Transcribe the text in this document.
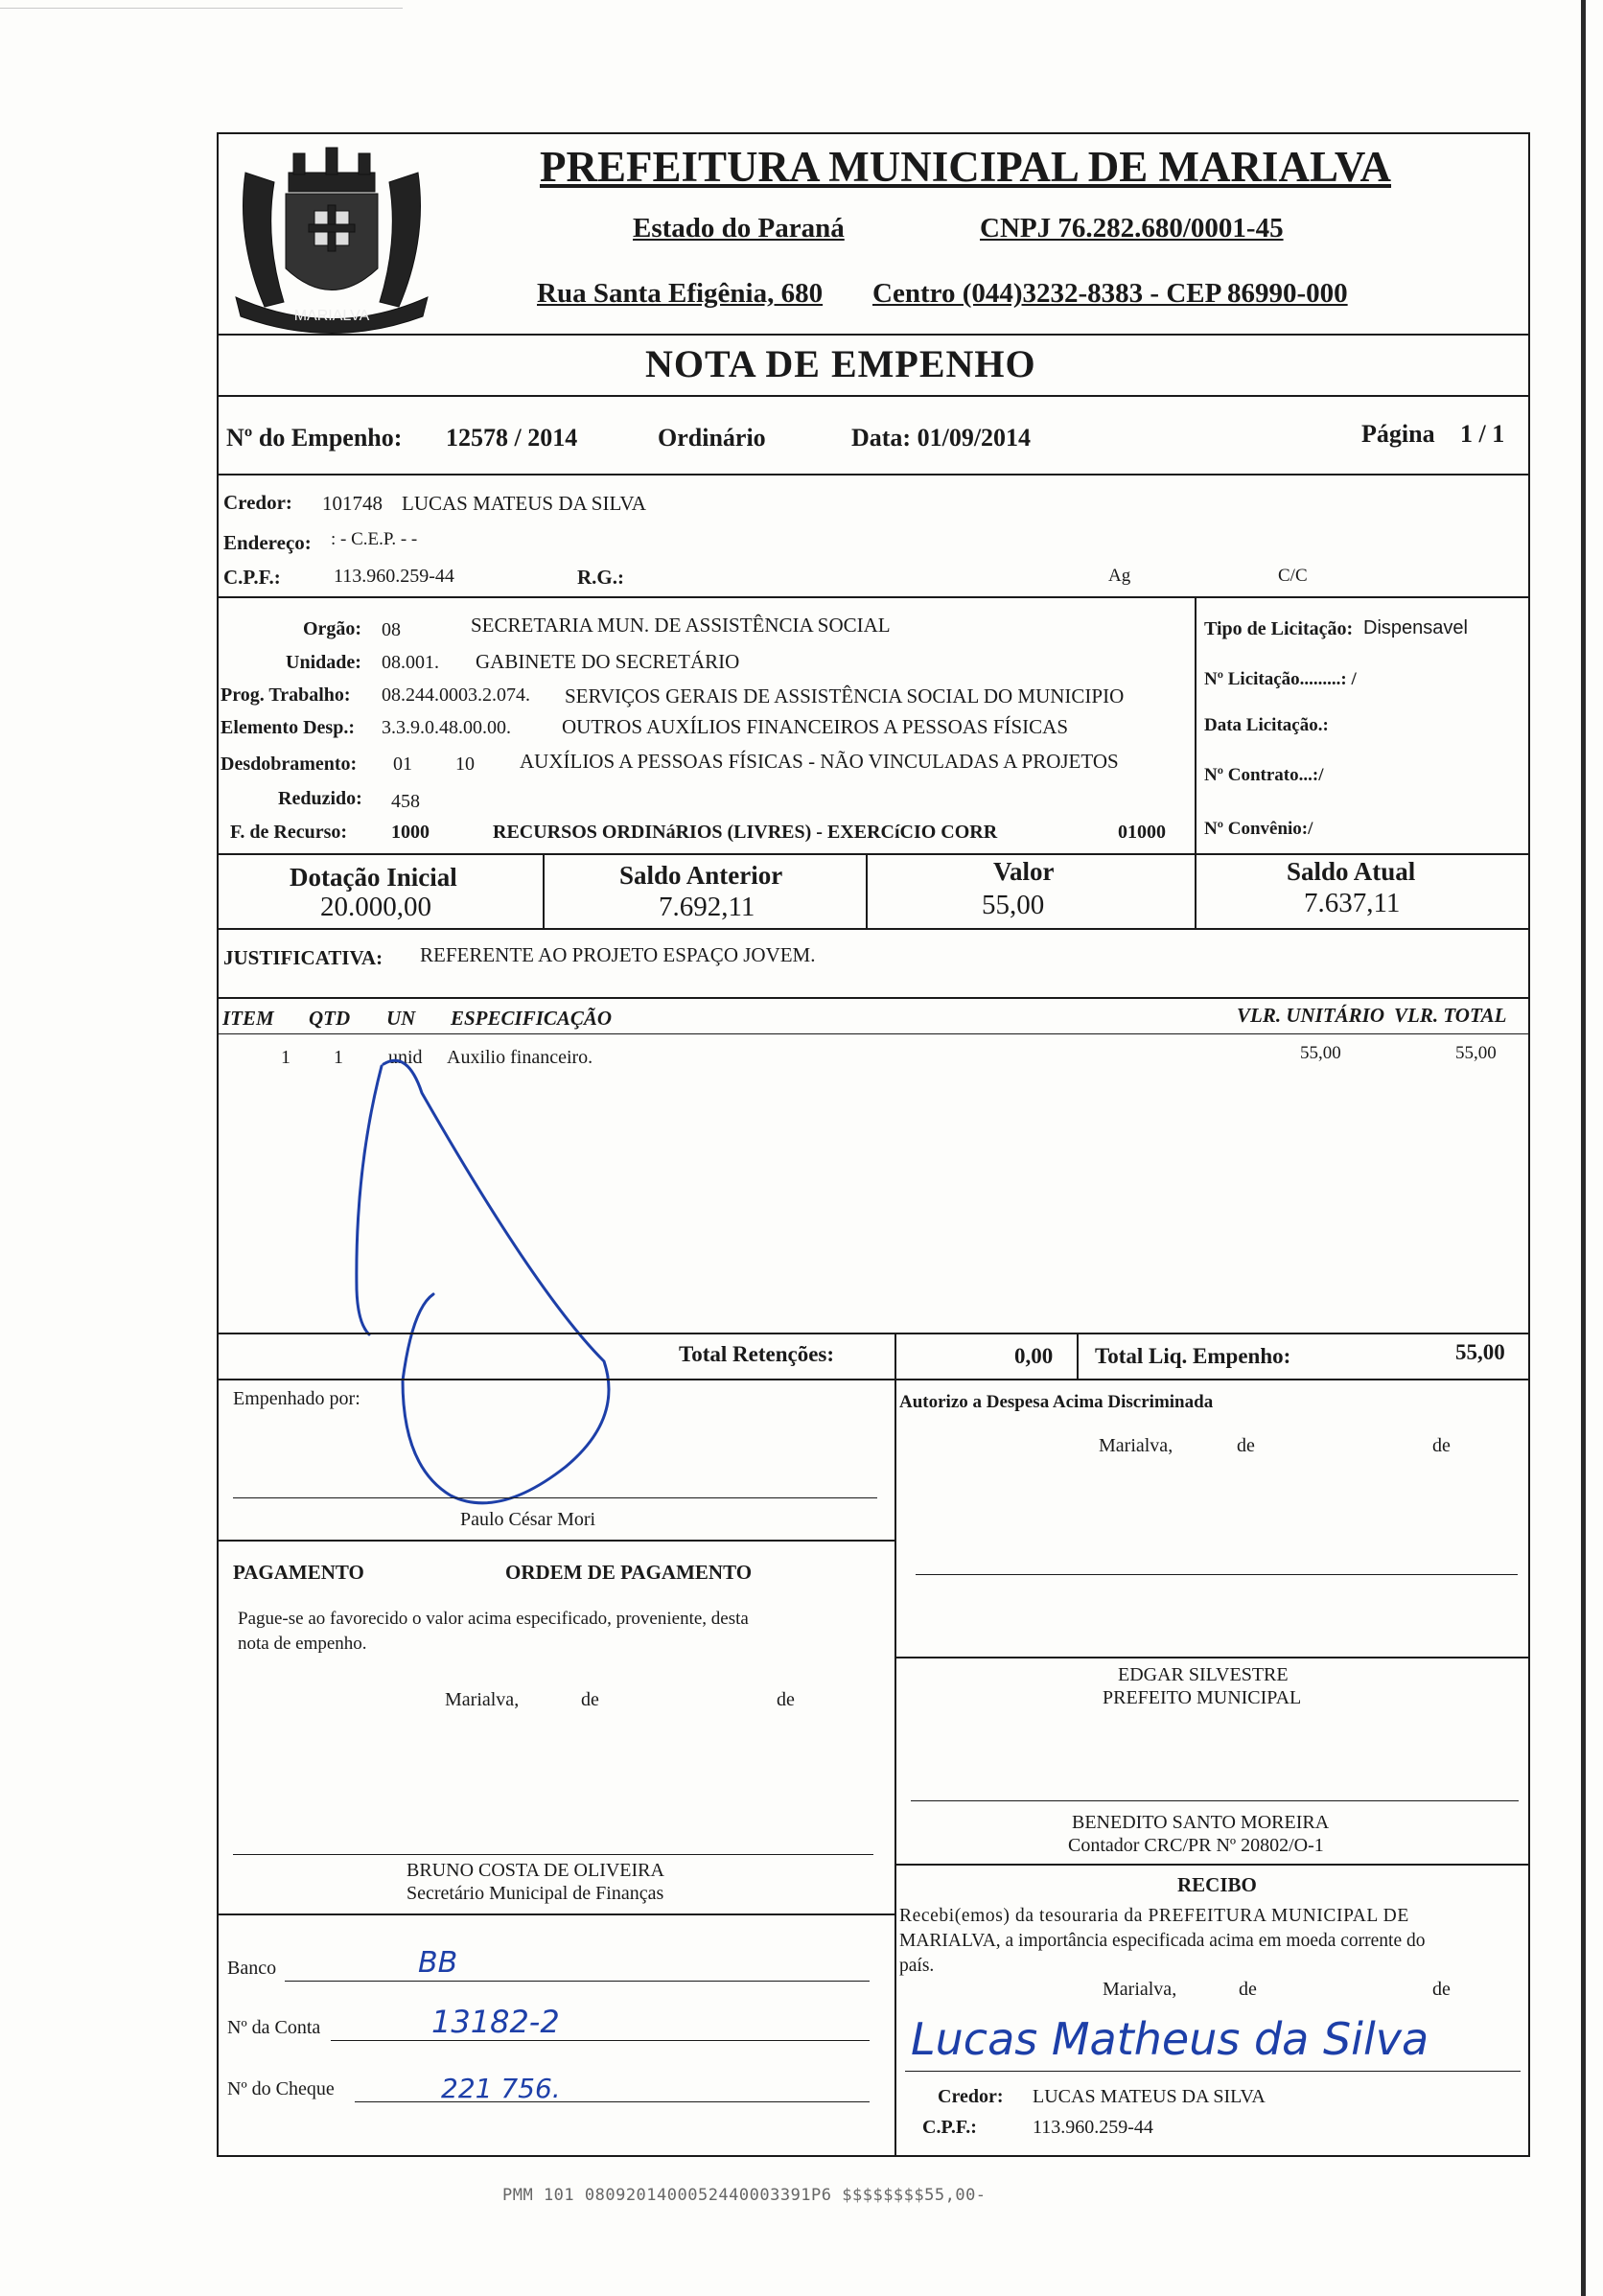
MARIALVA
PREFEITURA MUNICIPAL DE MARIALVA
Estado do Paraná	CNPJ 76.282.680/0001-45
Rua Santa Efigênia, 680 Centro (044)3232-8383 - CEP 86990-000
NOTA DE EMPENHO
Nº do Empenho: 12578 / 2014	Ordinário	Data: 01/09/2014	Página 1 / 1
Credor: 101748 LUCAS MATEUS DA SILVA
Endereço: : - C.E.P. - -
C.P.F.:	113.960.259-44	R.G.:	Ag	C/C
Orgão: 08	SECRETARIA MUN. DE ASSISTÊNCIA SOCIAL
Unidade: 08.001. GABINETE DO SECRETÁRIO
Prog. Trabalho: 08.244.0003.2.074. SERVIÇOS GERAIS DE ASSISTÊNCIA SOCIAL DO MUNICIPIO
Elemento Desp.: 3.3.9.0.48.00.00.	OUTROS AUXÍLIOS FINANCEIROS A PESSOAS FÍSICAS
Desdobramento: 01 10 AUXÍLIOS A PESSOAS FÍSICAS - NÃO VINCULADAS A PROJETOS
Reduzido: 458
F. de Recurso: 1000	RECURSOS ORDINáRIOS (LIVRES) - EXERCíCIO CORR	01000
Tipo de Licitação: Dispensavel
Nº Licitação.........: /
Data Licitação.:
Nº Contrato...:/
Nº Convênio:/
Dotação Inicial
20.000,00
Saldo Anterior
7.692,11
Valor
55,00
Saldo Atual
7.637,11
JUSTIFICATIVA: REFERENTE AO PROJETO ESPAÇO JOVEM.
ITEM QTD UN ESPECIFICAÇÃO	VLR. UNITÁRIO VLR. TOTAL
1 1 unid Auxilio financeiro.	55,00	55,00
Total Retenções:	0,00 Total Liq. Empenho:	55,00
Empenhado por:
Paulo César Mori
Autorizo a Despesa Acima Discriminada
Marialva,	de	de
PAGAMENTO	ORDEM DE PAGAMENTO
Pague-se ao favorecido o valor acima especificado, proveniente, desta
nota de empenho.
Marialva,	de	de
BRUNO COSTA DE OLIVEIRA
Secretário Municipal de Finanças
Banco	BB
Nº da Conta	13182-2
Nº do Cheque	221 756.
EDGAR SILVESTRE
PREFEITO MUNICIPAL
BENEDITO SANTO MOREIRA
Contador CRC/PR Nº 20802/O-1
RECIBO
Recebi(emos) da tesouraria da PREFEITURA MUNICIPAL DE
MARIALVA, a importância especificada acima em moeda corrente do
país.
Marialva,	de	de
Lucas Matheus da Silva
Credor: LUCAS MATEUS DA SILVA
C.P.F.:	113.960.259-44
PMM 101 0809201400052440003391P6 $$$$$$$$55,00-
